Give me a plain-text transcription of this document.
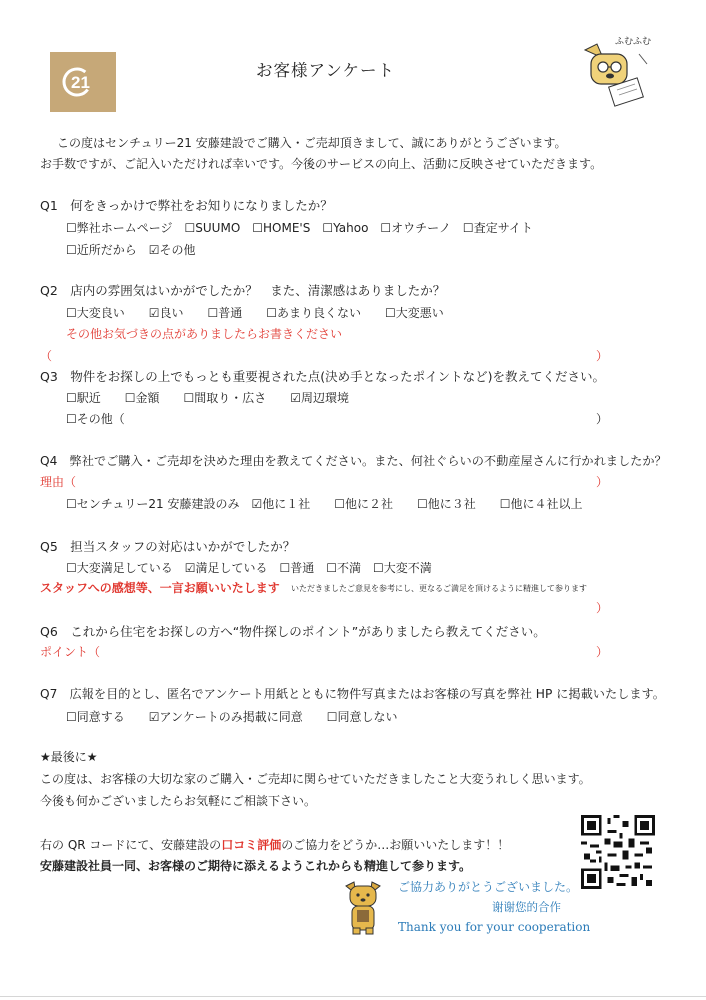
21
お客様アンケート
ふむふむ
この度はセンチュリー21 安藤建設でご購入・ご売却頂きまして、誠にありがとうございます。
お手数ですが、ご記入いただければ幸いです。今後のサービスの向上、活動に反映させていただきます。
Q1　何をきっかけで弊社をお知りになりましたか？
☐弊社ホームページ　☐SUUMO　☐HOME'S　☐Yahoo　☐オウチーノ　☐査定サイト
☐近所だから　☑その他
Q2　店内の雰囲気はいかがでしたか？　また、清潔感はありましたか？
☐大変良い　　☑良い　　☐普通　　☐あまり良くない　　☐大変悪い
その他お気づきの点がありましたらお書きください
（	）
Q3　物件をお探しの上でもっとも重要視された点(決め手となったポイントなど)を教えてください。
☐駅近　　☐金額　　☐間取り・広さ　　☑周辺環境
☐その他（	）
Q4　弊社でご購入・ご売却を決めた理由を教えてください。また、何社ぐらいの不動産屋さんに行かれましたか？
理由（	）
☐センチュリー21 安藤建設のみ　☑他に１社　　☐他に２社　　☐他に３社　　☐他に４社以上
Q5　担当スタッフの対応はいかがでしたか？
☐大変満足している　☑満足している　☐普通　☐不満　☐大変不満
スタッフへの感想等、一言お願いいたします いただきましたご意見を参考にし、更なるご満足を頂けるように精進して参ります
）
Q6　これから住宅をお探しの方へ“物件探しのポイント”がありましたら教えてください。
ポイント（	）
Q7　広報を目的とし、匿名でアンケート用紙とともに物件写真またはお客様の写真を弊社 HP に掲載いたします。
☐同意する　　☑アンケートのみ掲載に同意　　☐同意しない
★最後に★
この度は、お客様の大切な家のご購入・ご売却に関らせていただきましたこと大変うれしく思います。
今後も何かございましたらお気軽にご相談下さい。
右の QR コードにて、安藤建設の口コミ評価のご協力をどうか…お願いいたします！！
安藤建設社員一同、お客様のご期待に添えるようこれからも精進して参ります。
ご協力ありがとうございました。
谢谢您的合作
Thank you for your cooperation
